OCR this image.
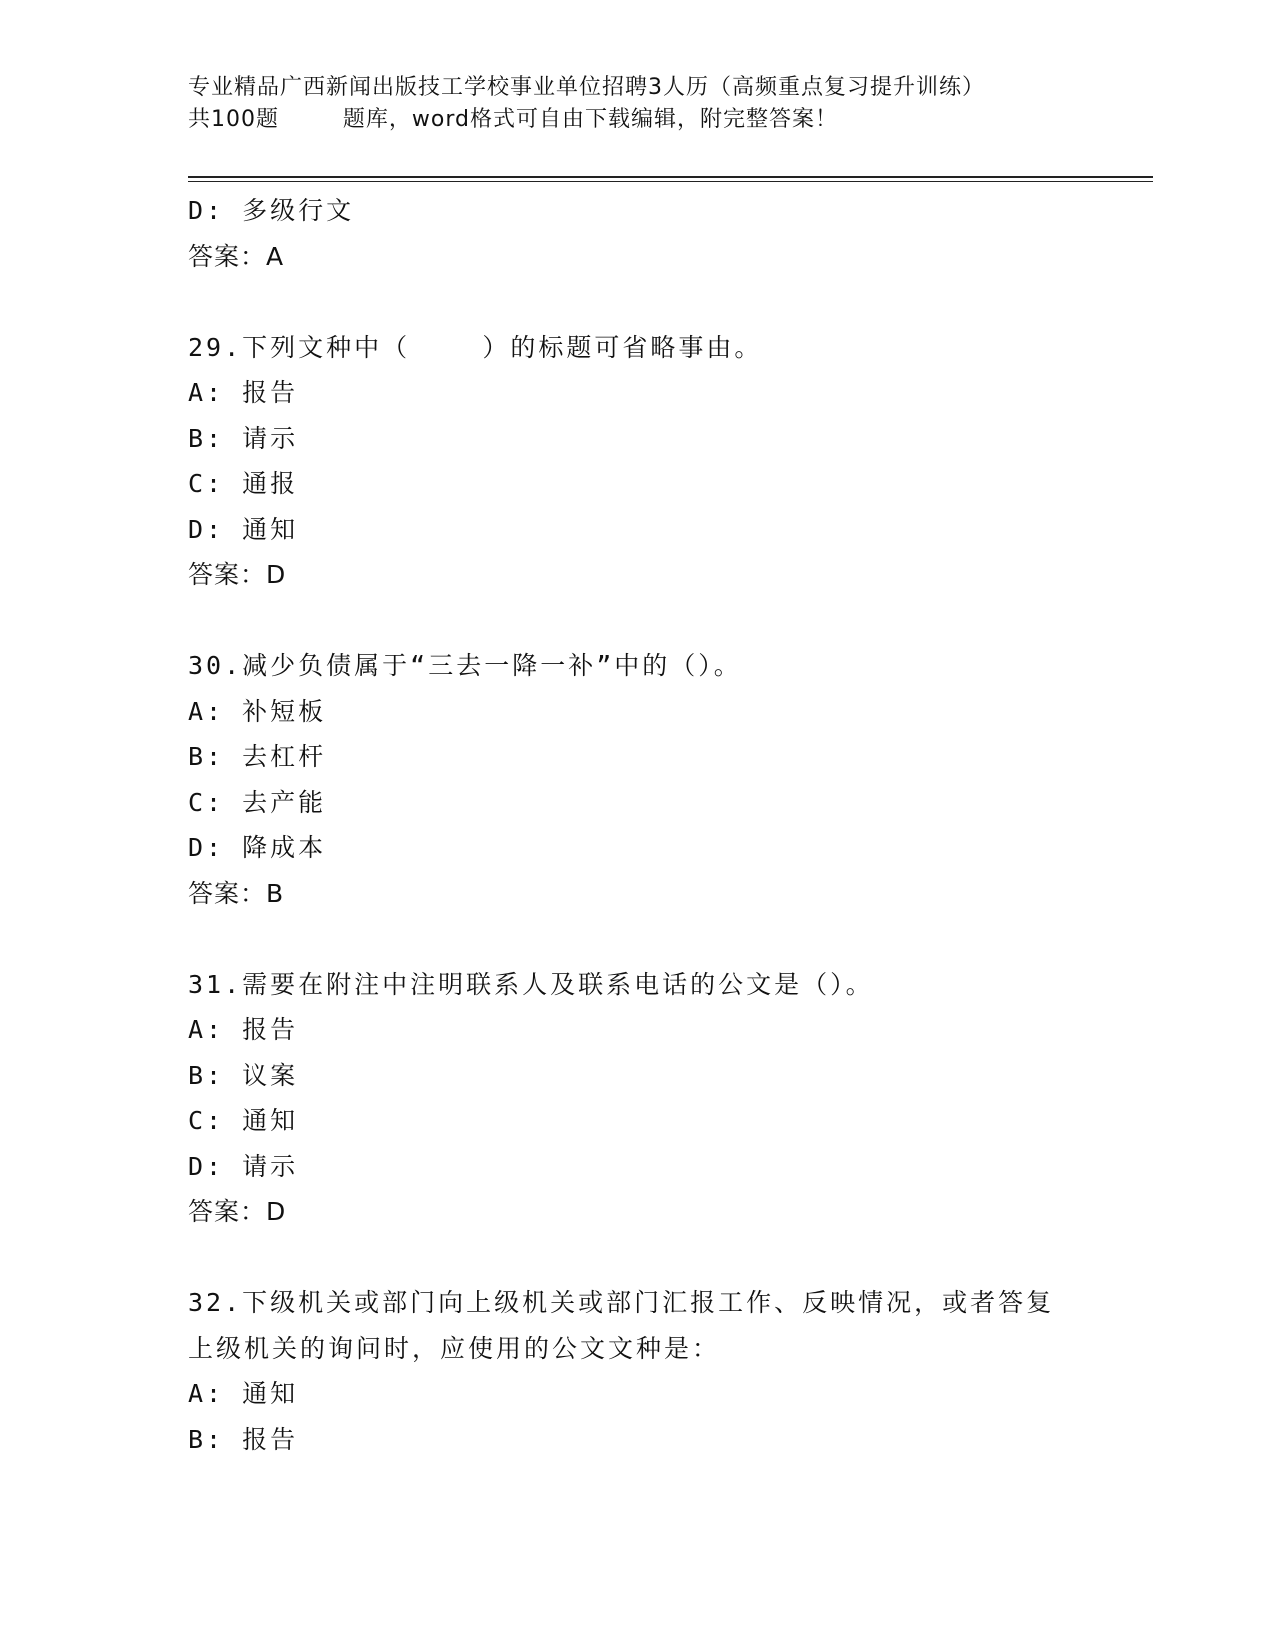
专业精品广西新闻出版技工学校事业单位招聘3人历（高频重点复习提升训练）
共100题        题库，word格式可自由下载编辑，附完整答案！
D: 多级行文
答案：A
29.下列文种中（    ）的标题可省略事由。
A: 报告
B: 请示
C: 通报
D: 通知
答案：D
30.减少负债属于“三去一降一补”中的（）。
A: 补短板
B: 去杠杆
C: 去产能
D: 降成本
答案：B
31.需要在附注中注明联系人及联系电话的公文是（）。
A: 报告
B: 议案
C: 通知
D: 请示
答案：D
32.下级机关或部门向上级机关或部门汇报工作、反映情况，或者答复
上级机关的询问时，应使用的公文文种是：
A: 通知
B: 报告
